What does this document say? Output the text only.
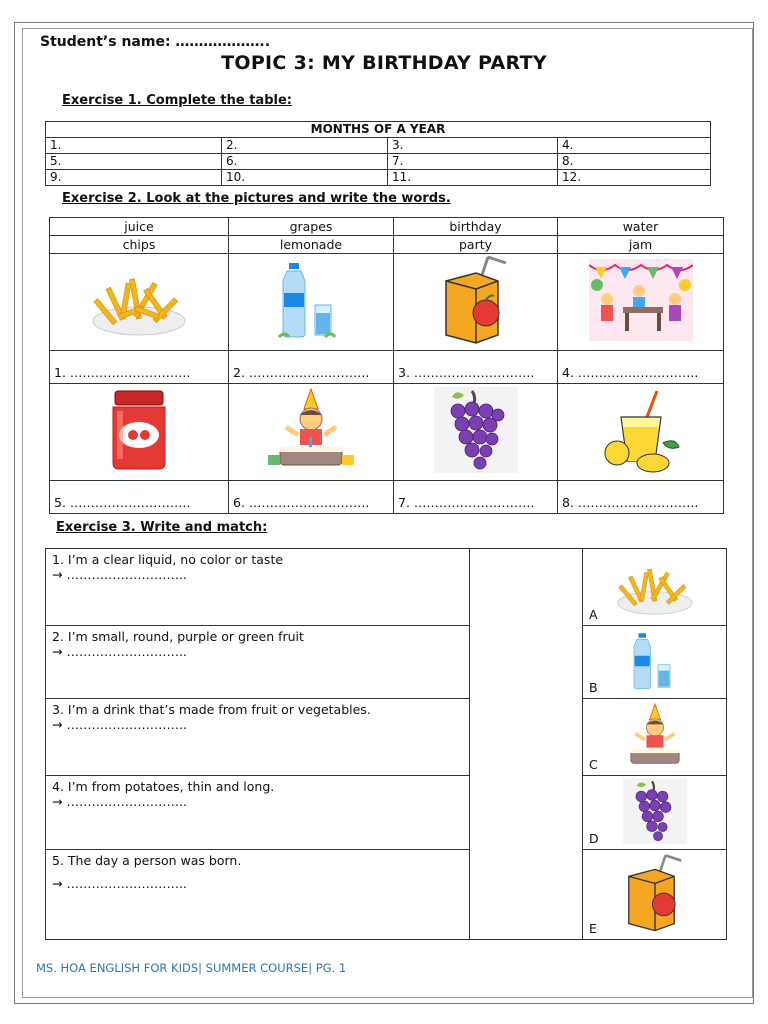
Student’s name: ………………..
TOPIC 3: MY BIRTHDAY PARTY
Exercise 1. Complete the table:
MONTHS OF A YEAR			
1.	2.	3.	4.
5.	6.	7.	8.
9.	10.	11.	12.
Exercise 2. Look at the pictures and write the words.
juice	grapes	birthday	water
chips	lemonade	party	jam

1. ………………………..	2. ………………………..	3. ………………………..	4. ………………………..

5. ………………………..	6. ………………………..	7. ………………………..	8. ………………………..
Exercise 3. Write and match:
1. I’m a clear liquid, no color or taste
→ ………………………..		A

2. I’m small, round, purple or green fruit
→ ………………………..		B

3. I’m a drink that’s made from fruit or vegetables.
→ ………………………..		C

4. I’m from potatoes, thin and long.
→ ………………………..		D

5. The day a person was born.
→ ………………………..		E
MS. HOA ENGLISH FOR KIDS| SUMMER COURSE| PG. 1
